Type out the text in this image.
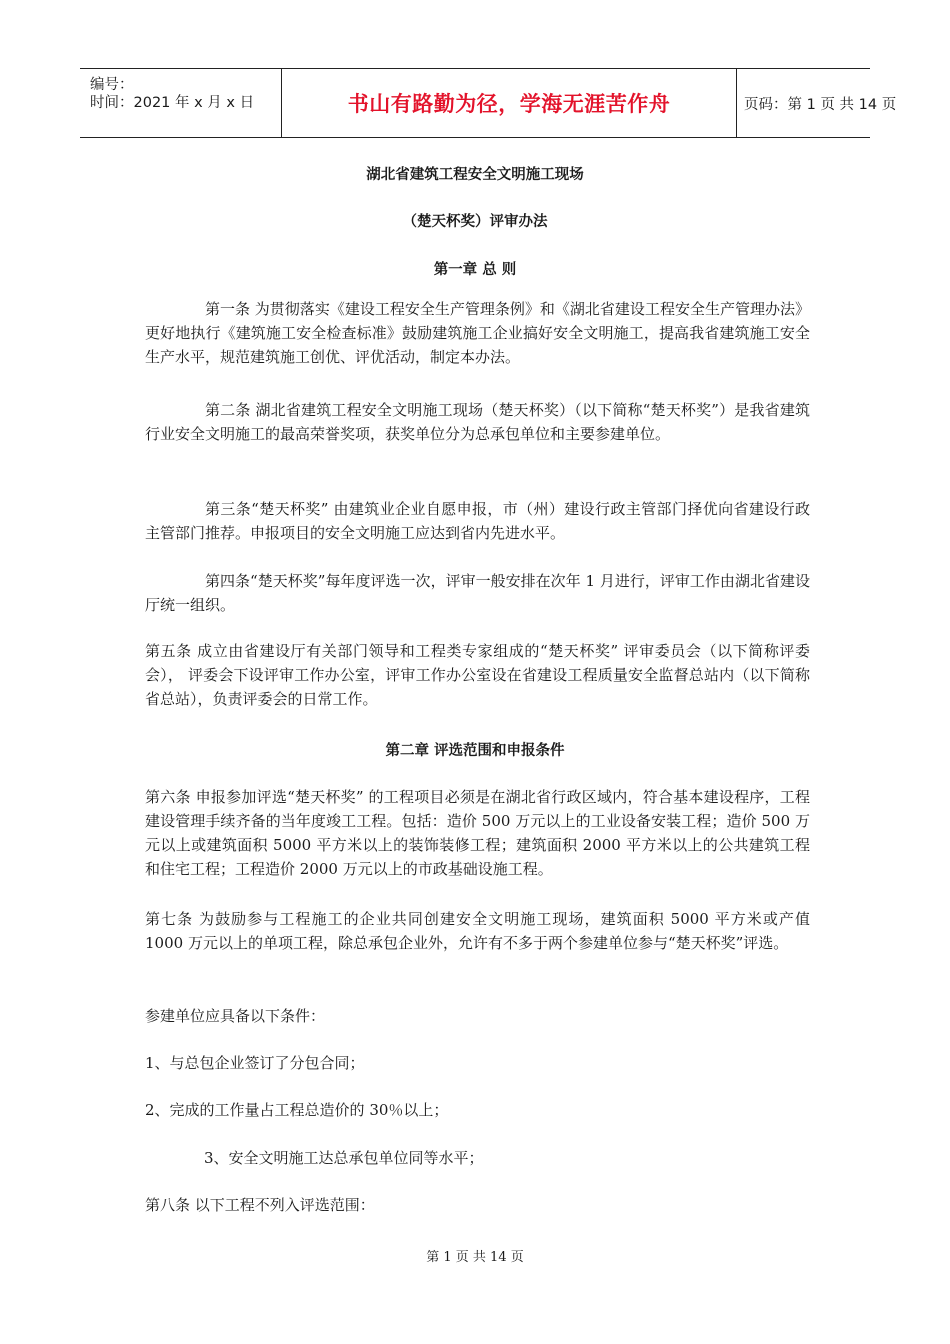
编号：
时间：2021 年 x 月 x 日	书山有路勤为径，学海无涯苦作舟	页码：第 1 页 共 14 页
湖北省建筑工程安全文明施工现场
（楚天杯奖）评审办法
第一章 总 则
第一条 为贯彻落实《建设工程安全生产管理条例》和《湖北省建设工程安全生产管理办法》更好地执行《建筑施工安全检查标准》鼓励建筑施工企业搞好安全文明施工，提高我省建筑施工安全生产水平，规范建筑施工创优、评优活动，制定本办法。
第二条 湖北省建筑工程安全文明施工现场（楚天杯奖）（以下简称“楚天杯奖”）是我省建筑行业安全文明施工的最高荣誉奖项，获奖单位分为总承包单位和主要参建单位。
第三条“楚天杯奖” 由建筑业企业自愿申报，市（州）建设行政主管部门择优向省建设行政主管部门推荐。申报项目的安全文明施工应达到省内先进水平。
第四条“楚天杯奖”每年度评选一次，评审一般安排在次年 1 月进行，评审工作由湖北省建设厅统一组织。
第五条 成立由省建设厅有关部门领导和工程类专家组成的“楚天杯奖” 评审委员会（以下简称评委会）， 评委会下设评审工作办公室，评审工作办公室设在省建设工程质量安全监督总站内（以下简称省总站），负责评委会的日常工作。
第二章 评选范围和申报条件
第六条 申报参加评选“楚天杯奖” 的工程项目必须是在湖北省行政区域内，符合基本建设程序，工程建设管理手续齐备的当年度竣工工程。包括：造价 500 万元以上的工业设备安装工程；造价 500 万元以上或建筑面积 5000 平方米以上的装饰装修工程；建筑面积 2000 平方米以上的公共建筑工程和住宅工程；工程造价 2000 万元以上的市政基础设施工程。
第七条 为鼓励参与工程施工的企业共同创建安全文明施工现场，建筑面积 5000 平方米或产值 1000 万元以上的单项工程，除总承包企业外，允许有不多于两个参建单位参与“楚天杯奖”评选。
参建单位应具备以下条件：
1、与总包企业签订了分包合同；
2、完成的工作量占工程总造价的 30％以上；
3、安全文明施工达总承包单位同等水平；
第八条 以下工程不列入评选范围：
第 1 页 共 14 页
